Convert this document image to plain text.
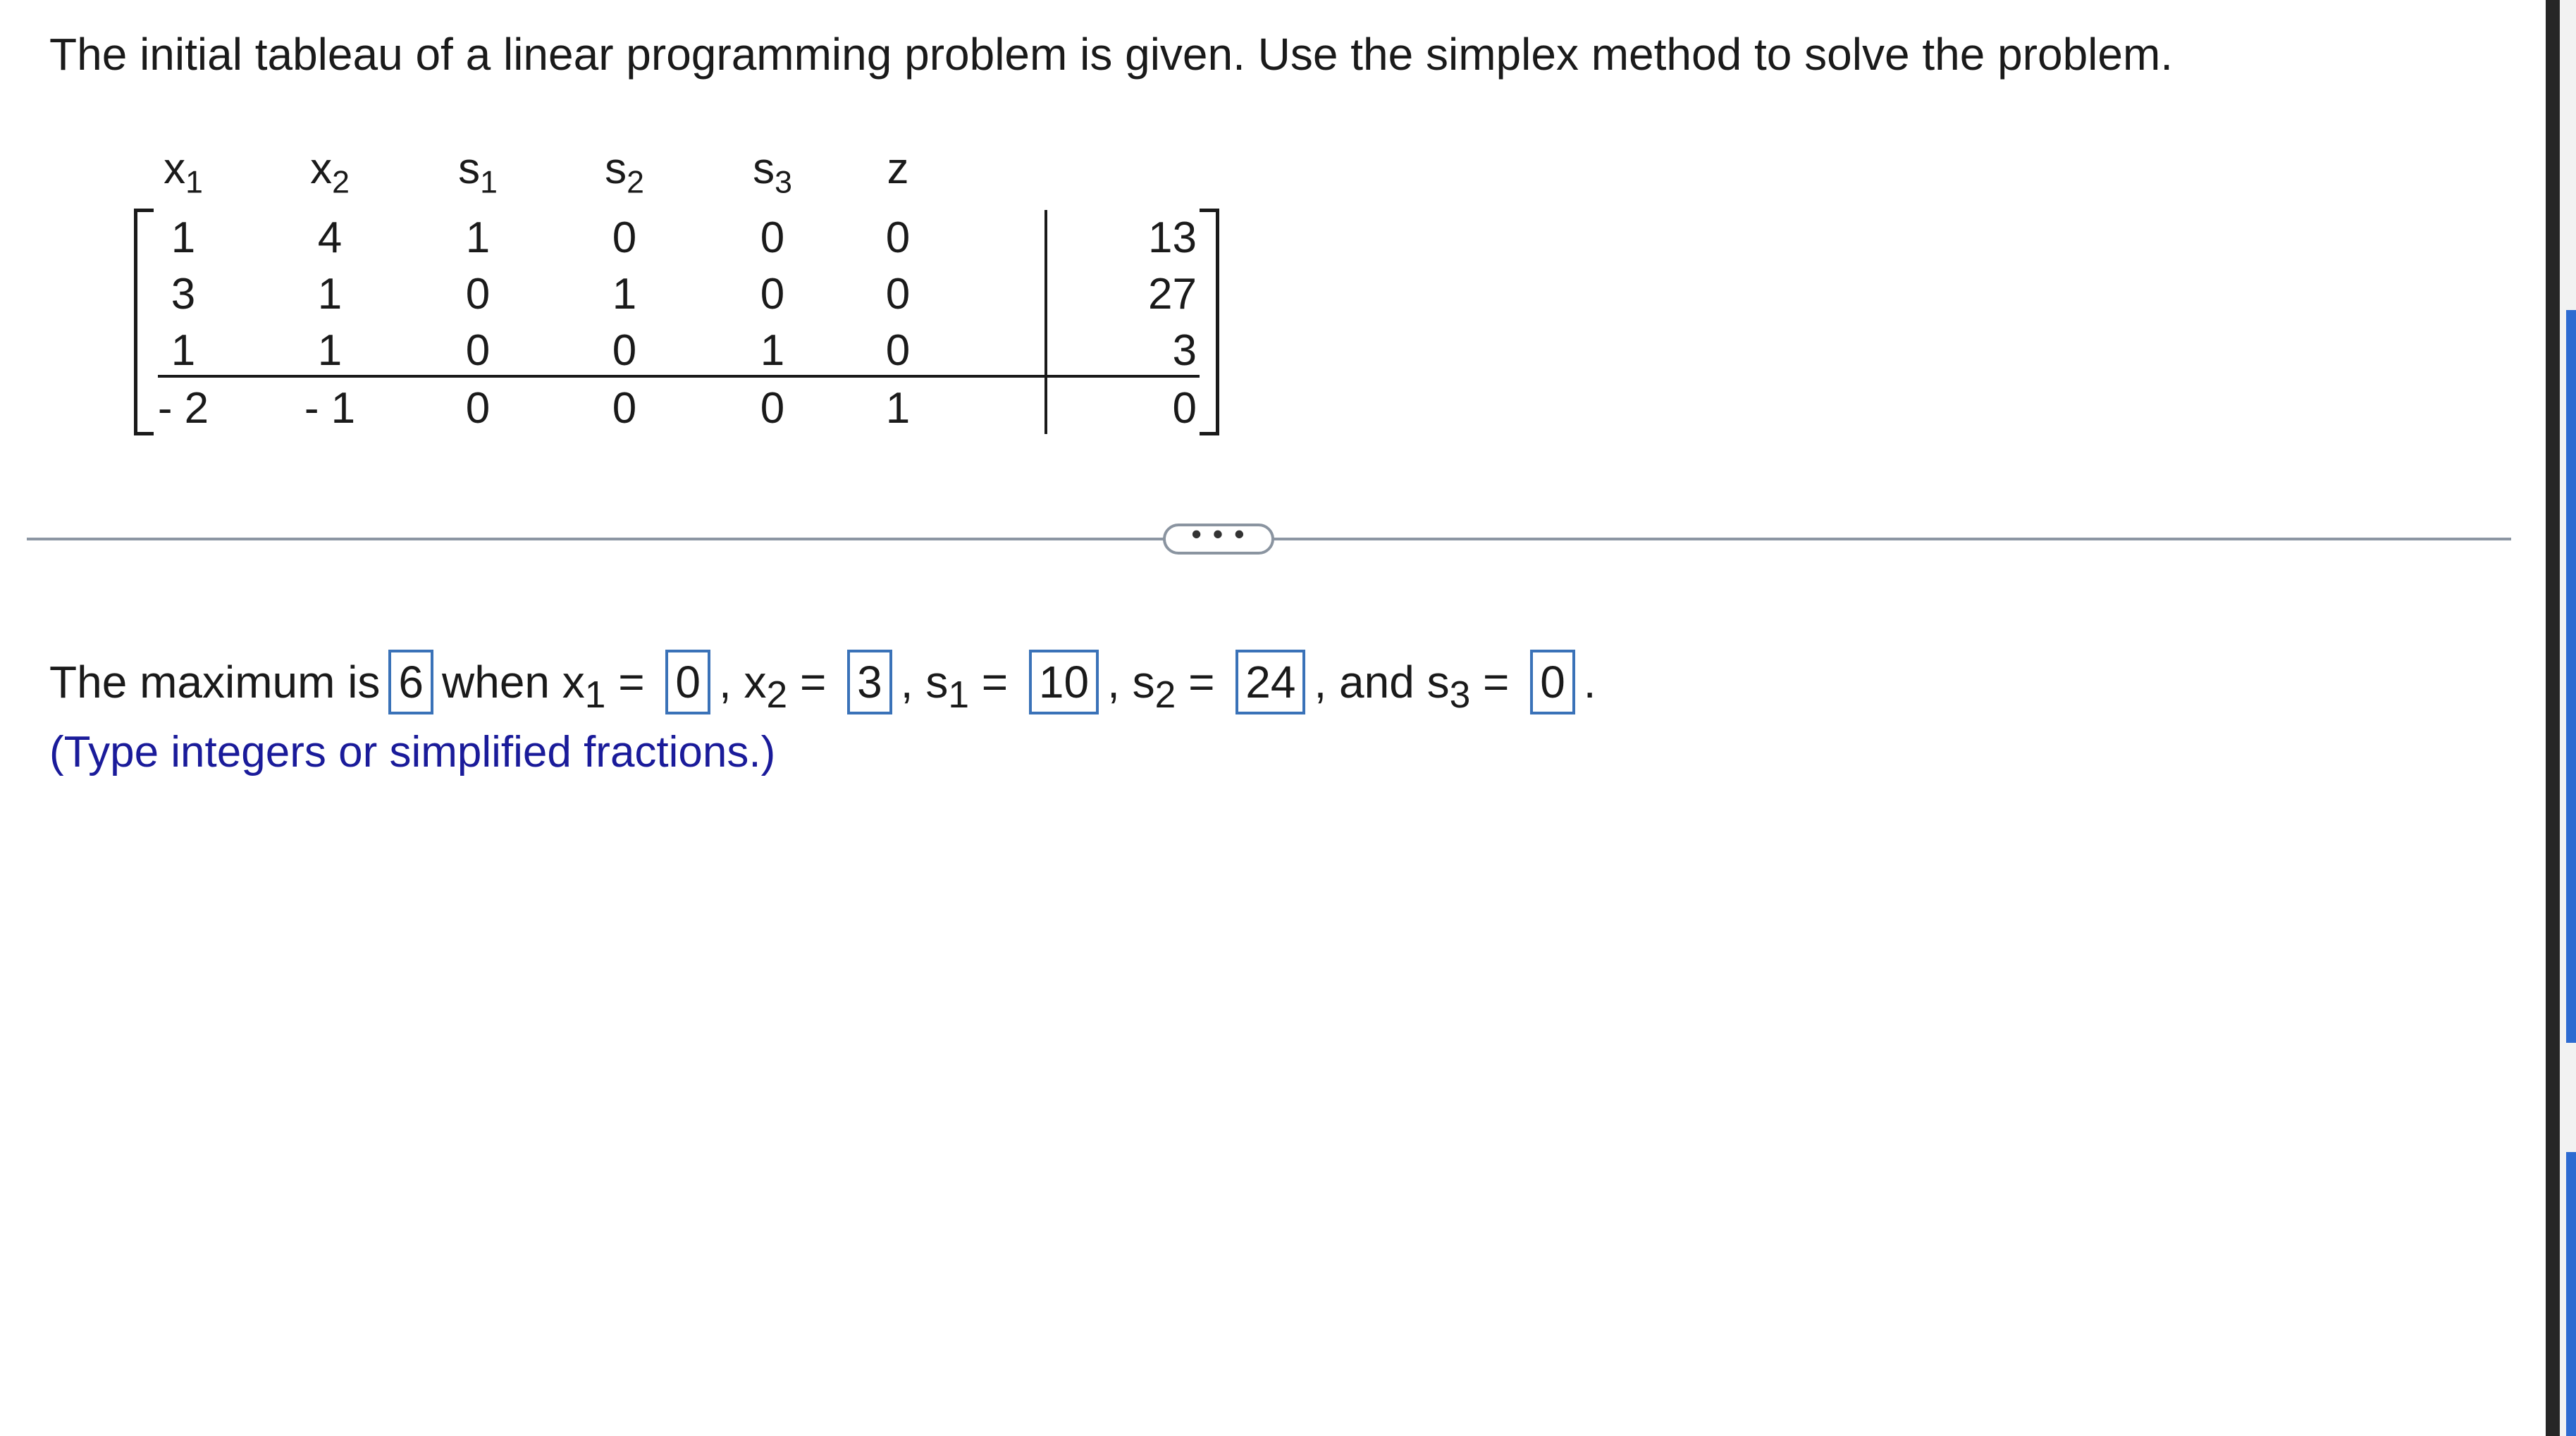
The initial tableau of a linear programming problem is given. Use the simplex method to solve the problem.
$x_1$	$x_2$	$s_1$	$s_2$	$s_3$	z
1	4	1	0	0	0	13
3	1	0	1	0	0	27
1	1	0	0	1	0	3
- 2	- 1	0	0	0	1	0
• • •
The maximum is 6 when $x_1 = 0$ , $x_2 = 3$ , $s_1 = 10$ , $s_2 = 24$ , and $s_3 = 0$ .
(Type integers or simplified fractions.)
